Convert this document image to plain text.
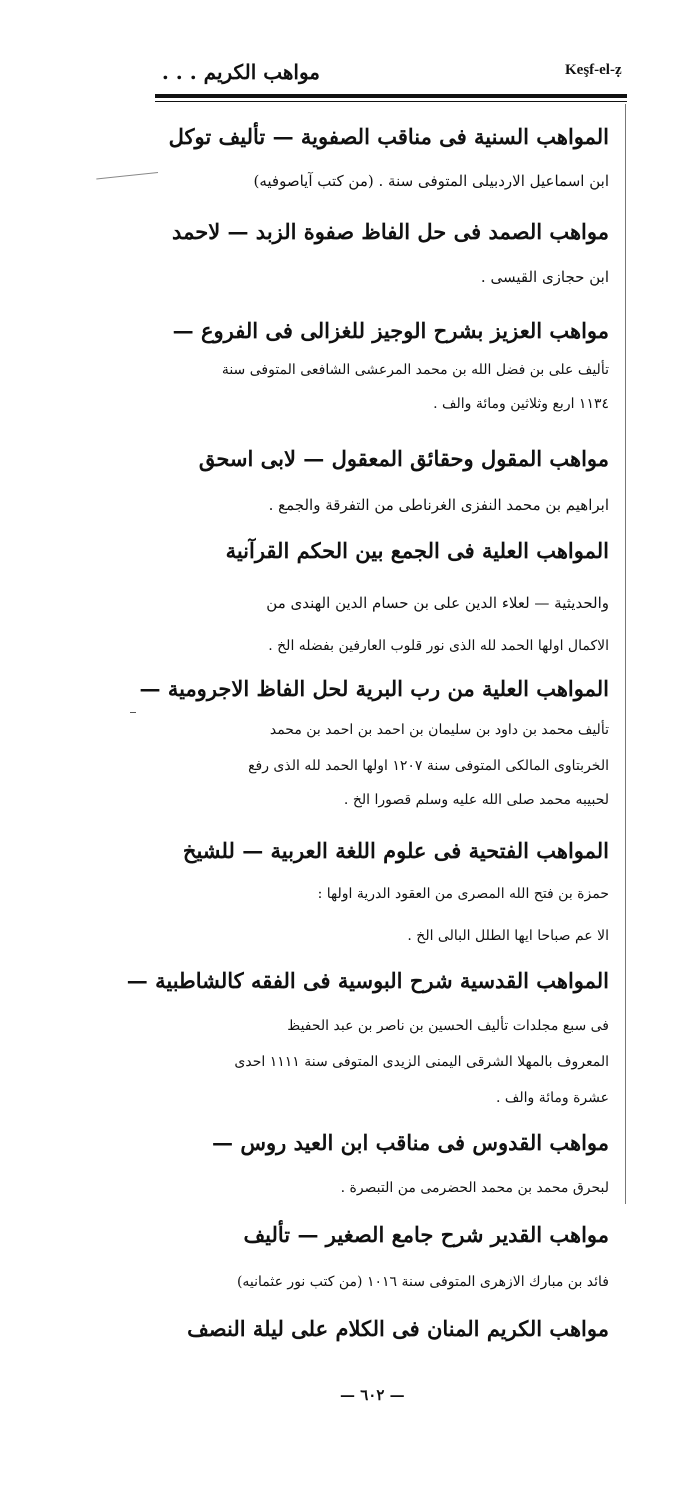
Keşf-el-ẓ
مواهب الكريم . . .
المواهب السنية فى مناقب الصفوية — تأليف توكل
ابن اسماعيل الاردبيلى المتوفى سنة . (من كتب آياصوفيه)
مواهب الصمد فى حل الفاظ صفوة الزبد — لاحمد
ابن حجازى القيسى .
مواهب العزيز بشرح الوجيز للغزالى فى الفروع —
تأليف على بن فضل الله بن محمد المرعشى الشافعى المتوفى سنة
١١٣٤ اربع وثلاثين ومائة والف .
مواهب المقول وحقائق المعقول — لابى اسحق
ابراهيم بن محمد النفزى الغرناطى من التفرقة والجمع .
المواهب العلية فى الجمع بين الحكم القرآنية
والحديثية — لعلاء الدين على بن حسام الدين الهندى من
الاكمال اولها الحمد لله الذى نور قلوب العارفين بفضله الخ .
المواهب العلية من رب البرية لحل الفاظ الاجرومية —
تأليف محمد بن داود بن سليمان بن احمد بن احمد بن محمد
الخربتاوى المالكى المتوفى سنة ١٢٠٧ اولها الحمد لله الذى رفع
لحبيبه محمد صلى الله عليه وسلم قصورا الخ .
المواهب الفتحية فى علوم اللغة العربية — للشيخ
حمزة بن فتح الله المصرى من العقود الدرية اولها :
الا عم صباحا ايها الطلل البالى الخ .
المواهب القدسية شرح البوسية فى الفقه كالشاطبية —
فى سبع مجلدات تأليف الحسين بن ناصر بن عبد الحفيظ
المعروف بالمهلا الشرقى اليمنى الزيدى المتوفى سنة ١١١١ احدى
عشرة ومائة والف .
مواهب القدوس فى مناقب ابن العيد روس —
لبحرق محمد بن محمد الحضرمى من التبصرة .
مواهب القدير شرح جامع الصغير — تأليف
فائد بن مبارك الازهرى المتوفى سنة ١٠١٦ (من كتب نور عثمانيه)
مواهب الكريم المنان فى الكلام على ليلة النصف
— ٦٠٢ —
